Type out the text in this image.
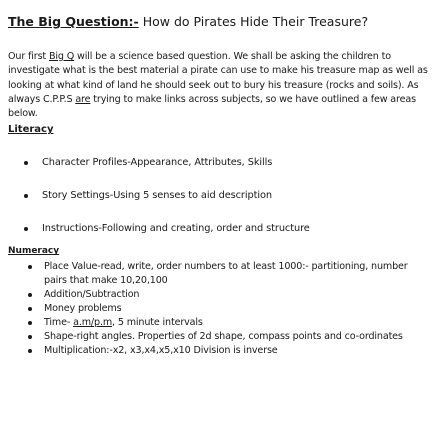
The Big Question:- How do Pirates Hide Their Treasure?
Our first Big Q will be a science based question. We shall be asking the children to investigate what is the best material a pirate can use to make his treasure map as well as looking at what kind of land he should seek out to bury his treasure (rocks and soils). As always C.P.P.S are trying to make links across subjects, so we have outlined a few areas below.
Literacy
Character Profiles-Appearance, Attributes, Skills
Story Settings-Using 5 senses to aid description
Instructions-Following and creating, order and structure
Numeracy
Place Value-read, write, order numbers to at least 1000:- partitioning, number pairs that make 10,20,100
Addition/Subtraction
Money problems
Time- a.m/p.m, 5 minute intervals
Shape-right angles. Properties of 2d shape, compass points and co-ordinates
Multiplication:-x2, x3,x4,x5,x10 Division is inverse
